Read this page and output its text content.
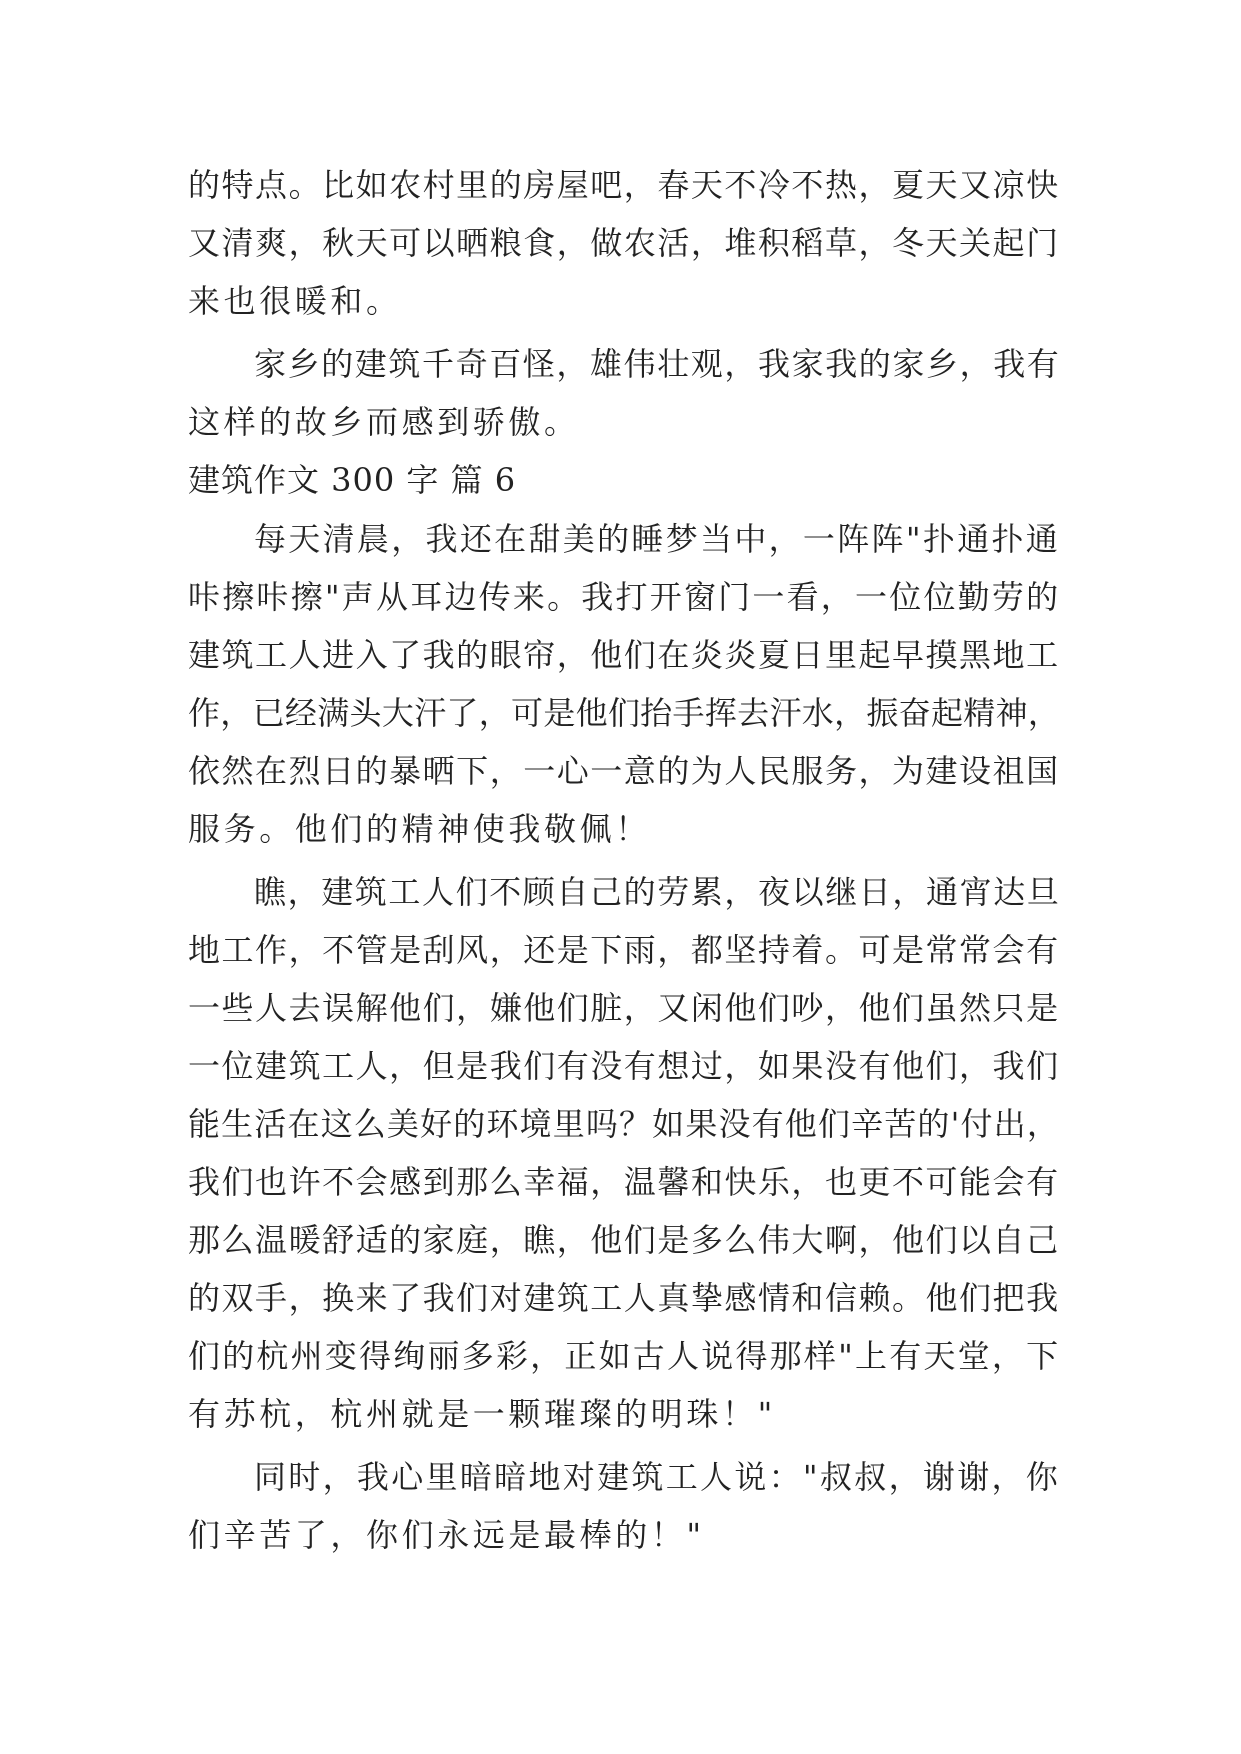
的特点。比如农村里的房屋吧，春天不冷不热，夏天又凉快
又清爽，秋天可以晒粮食，做农活，堆积稻草，冬天关起门
来也很暖和。
家乡的建筑千奇百怪，雄伟壮观，我家我的家乡，我有
这样的故乡而感到骄傲。
建筑作文 300 字 篇 6
每天清晨，我还在甜美的睡梦当中，一阵阵"扑通扑通
咔擦咔擦"声从耳边传来。我打开窗门一看，一位位勤劳的
建筑工人进入了我的眼帘，他们在炎炎夏日里起早摸黑地工
作，已经满头大汗了，可是他们抬手挥去汗水，振奋起精神，
依然在烈日的暴晒下，一心一意的为人民服务，为建设祖国
服务。他们的精神使我敬佩！
瞧，建筑工人们不顾自己的劳累，夜以继日，通宵达旦
地工作，不管是刮风，还是下雨，都坚持着。可是常常会有
一些人去误解他们，嫌他们脏，又闲他们吵，他们虽然只是
一位建筑工人，但是我们有没有想过，如果没有他们，我们
能生活在这么美好的环境里吗？如果没有他们辛苦的'付出，
我们也许不会感到那么幸福，温馨和快乐，也更不可能会有
那么温暖舒适的家庭，瞧，他们是多么伟大啊，他们以自己
的双手，换来了我们对建筑工人真挚感情和信赖。他们把我
们的杭州变得绚丽多彩，正如古人说得那样"上有天堂，下
有苏杭，杭州就是一颗璀璨的明珠！"
同时，我心里暗暗地对建筑工人说："叔叔，谢谢，你
们辛苦了，你们永远是最棒的！"
